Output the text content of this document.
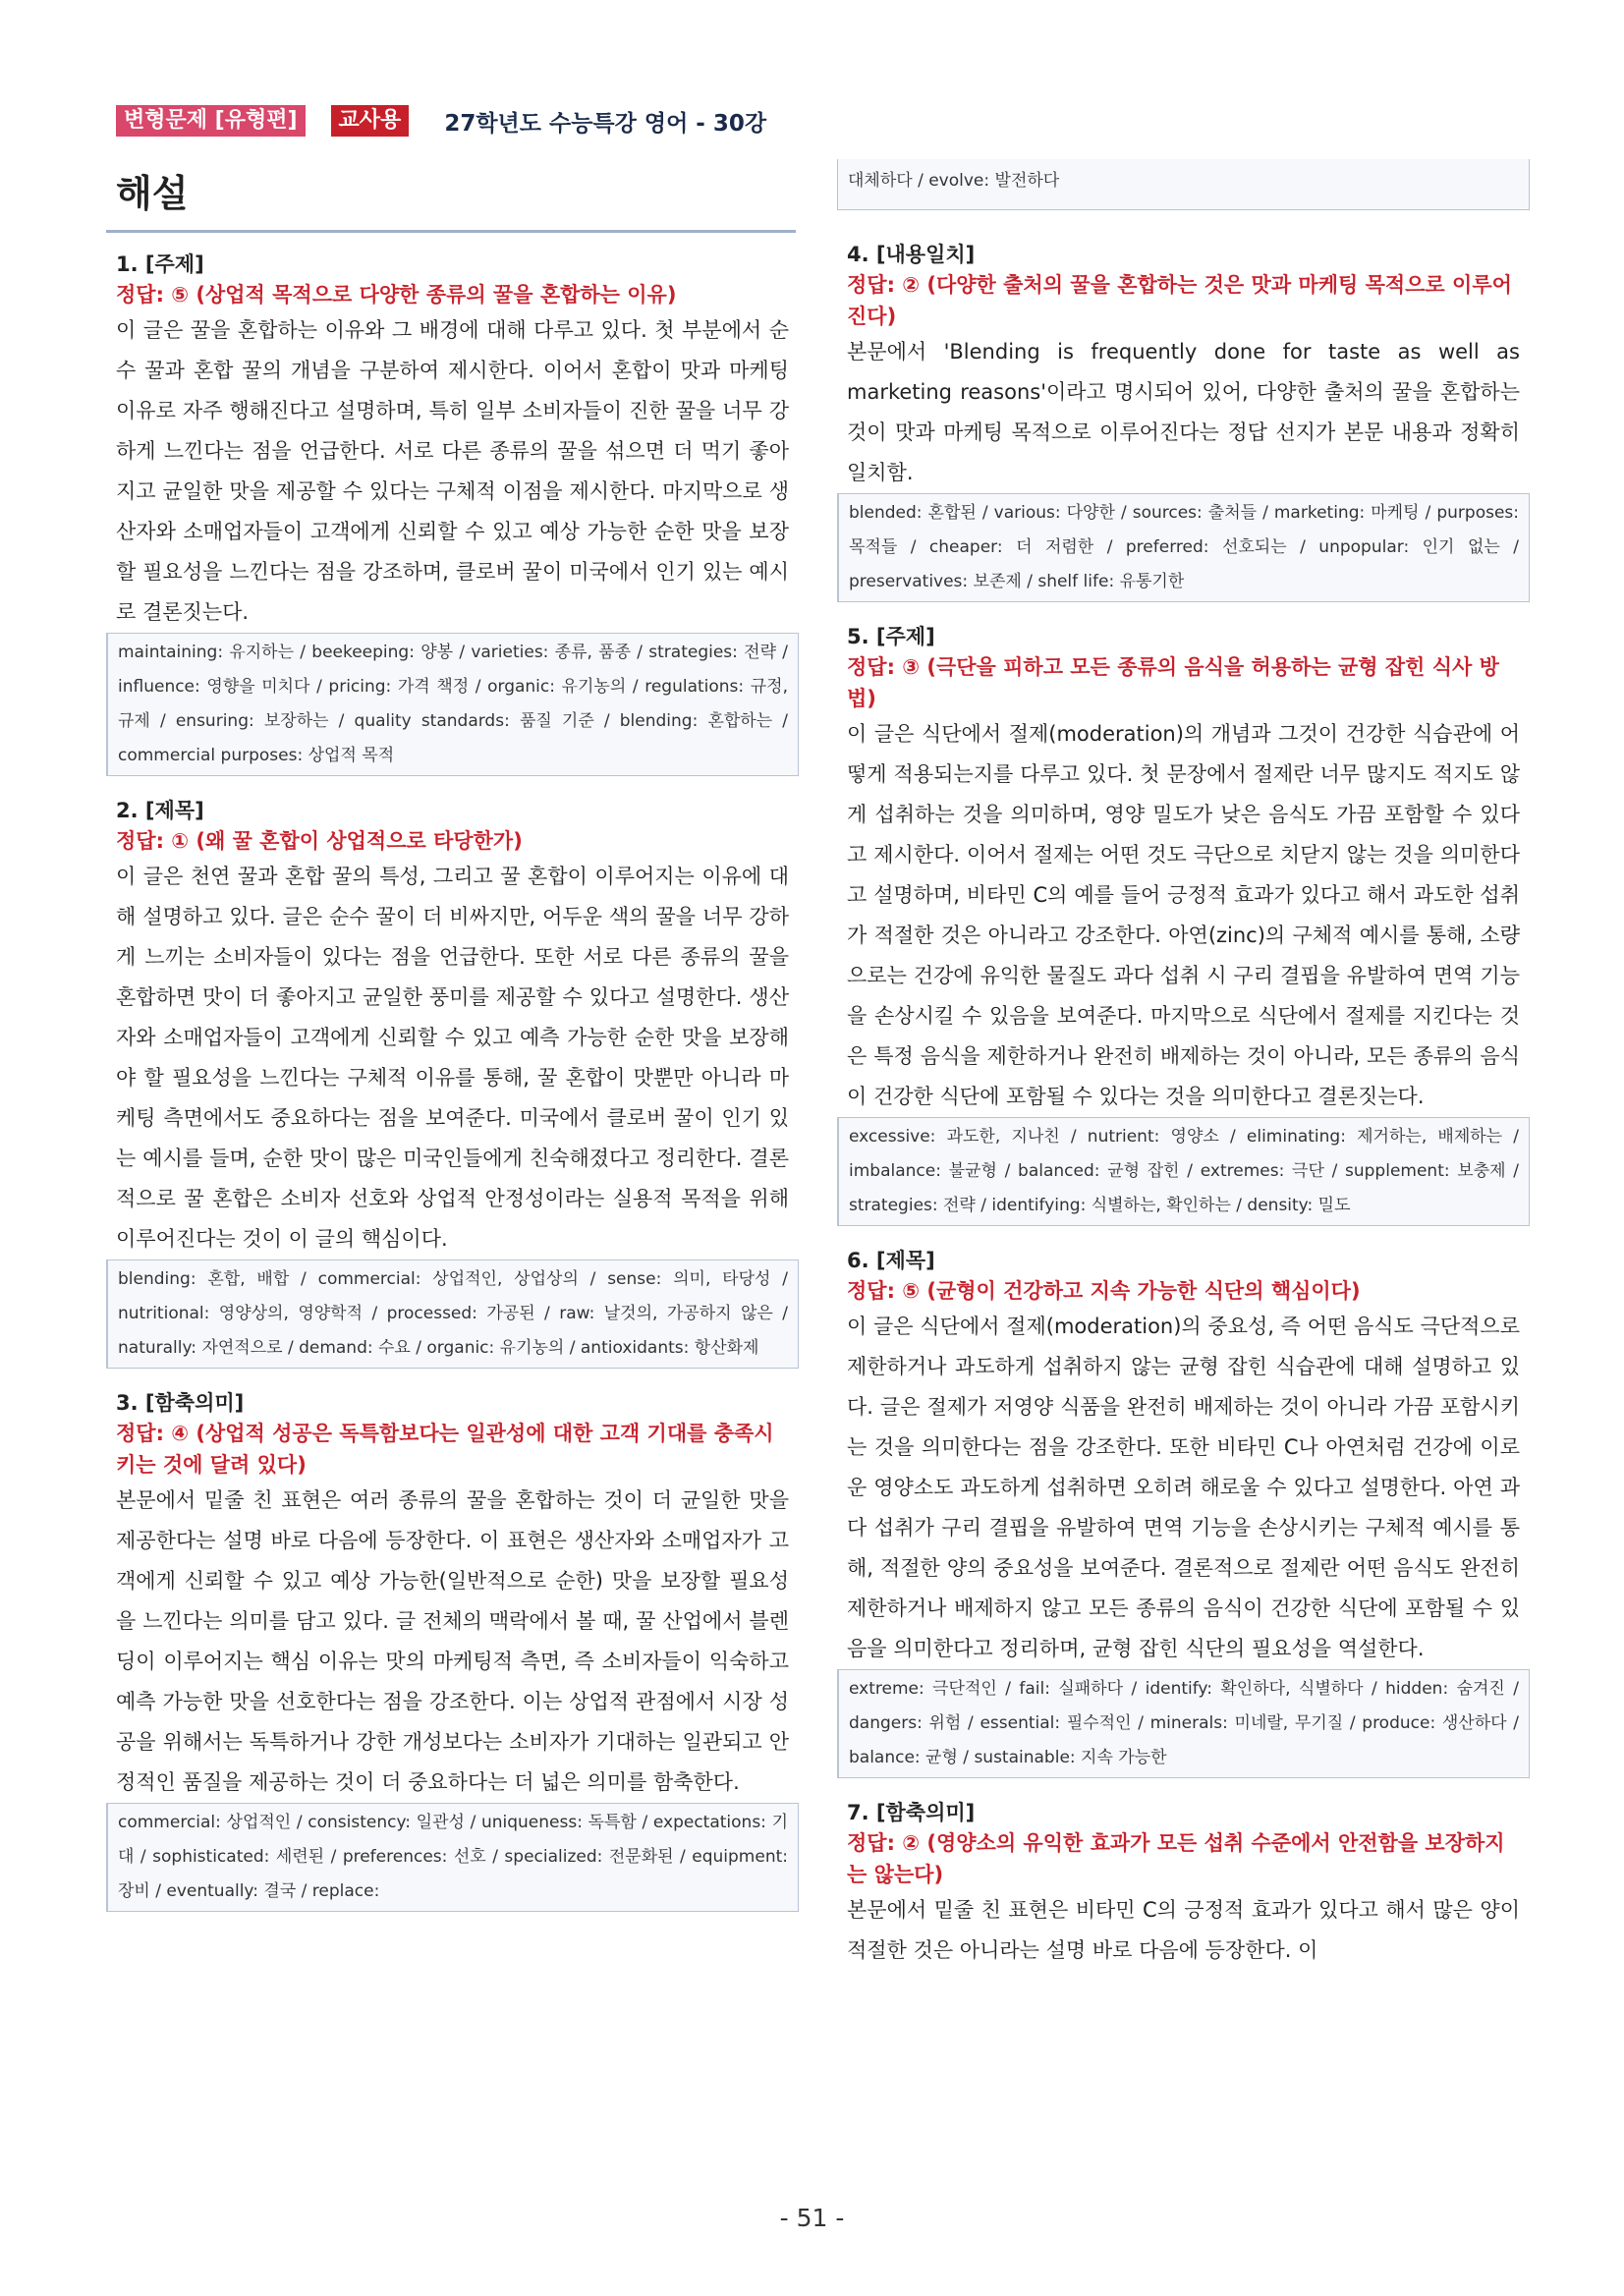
변형문제 [유형편]	교사용	27학년도 수능특강 영어 - 30강
해설	대체하다 / evolve: 발전하다
1. [주제]
정답: ⑤ (상업적 목적으로 다양한 종류의 꿀을 혼합하는 이유)

이 글은 꿀을 혼합하는 이유와 그 배경에 대해 다루고 있다. 첫 부분에서 순수 꿀과 혼합 꿀의 개념을 구분하여 제시한다. 이어서 혼합이 맛과 마케팅 이유로 자주 행해진다고 설명하며, 특히 일부 소비자들이 진한 꿀을 너무 강하게 느낀다는 점을 언급한다. 서로 다른 종류의 꿀을 섞으면 더 먹기 좋아지고 균일한 맛을 제공할 수 있다는 구체적 이점을 제시한다. 마지막으로 생산자와 소매업자들이 고객에게 신뢰할 수 있고 예상 가능한 순한 맛을 보장할 필요성을 느낀다는 점을 강조하며, 클로버 꿀이 미국에서 인기 있는 예시로 결론짓는다.

maintaining: 유지하는 / beekeeping: 양봉 / varieties: 종류, 품종 / strategies: 전략 / influence: 영향을 미치다 / pricing: 가격 책정 / organic: 유기농의 / regulations: 규정, 규제 / ensuring: 보장하는 / quality standards: 품질 기준 / blending: 혼합하는 / commercial purposes: 상업적 목적
2. [제목]
정답: ① (왜 꿀 혼합이 상업적으로 타당한가)

이 글은 천연 꿀과 혼합 꿀의 특성, 그리고 꿀 혼합이 이루어지는 이유에 대해 설명하고 있다. 글은 순수 꿀이 더 비싸지만, 어두운 색의 꿀을 너무 강하게 느끼는 소비자들이 있다는 점을 언급한다. 또한 서로 다른 종류의 꿀을 혼합하면 맛이 더 좋아지고 균일한 풍미를 제공할 수 있다고 설명한다. 생산자와 소매업자들이 고객에게 신뢰할 수 있고 예측 가능한 순한 맛을 보장해야 할 필요성을 느낀다는 구체적 이유를 통해, 꿀 혼합이 맛뿐만 아니라 마케팅 측면에서도 중요하다는 점을 보여준다. 미국에서 클로버 꿀이 인기 있는 예시를 들며, 순한 맛이 많은 미국인들에게 친숙해졌다고 정리한다. 결론적으로 꿀 혼합은 소비자 선호와 상업적 안정성이라는 실용적 목적을 위해 이루어진다는 것이 이 글의 핵심이다.

blending: 혼합, 배합 / commercial: 상업적인, 상업상의 / sense: 의미, 타당성 / nutritional: 영양상의, 영양학적 / processed: 가공된 / raw: 날것의, 가공하지 않은 / naturally: 자연적으로 / demand: 수요 / organic: 유기농의 / antioxidants: 항산화제
3. [함축의미]
정답: ④ (상업적 성공은 독특함보다는 일관성에 대한 고객 기대를 충족시키는 것에 달려 있다)

본문에서 밑줄 친 표현은 여러 종류의 꿀을 혼합하는 것이 더 균일한 맛을 제공한다는 설명 바로 다음에 등장한다. 이 표현은 생산자와 소매업자가 고객에게 신뢰할 수 있고 예상 가능한(일반적으로 순한) 맛을 보장할 필요성을 느낀다는 의미를 담고 있다. 글 전체의 맥락에서 볼 때, 꿀 산업에서 블렌딩이 이루어지는 핵심 이유는 맛의 마케팅적 측면, 즉 소비자들이 익숙하고 예측 가능한 맛을 선호한다는 점을 강조한다. 이는 상업적 관점에서 시장 성공을 위해서는 독특하거나 강한 개성보다는 소비자가 기대하는 일관되고 안정적인 품질을 제공하는 것이 더 중요하다는 더 넓은 의미를 함축한다.

commercial: 상업적인 / consistency: 일관성 / uniqueness: 독특함 / expectations: 기대 / sophisticated: 세련된 / preferences: 선호 / specialized: 전문화된 / equipment: 장비 / eventually: 결국 / replace:
4. [내용일치]
정답: ② (다양한 출처의 꿀을 혼합하는 것은 맛과 마케팅 목적으로 이루어진다)

본문에서 'Blending is frequently done for taste as well as marketing reasons'이라고 명시되어 있어, 다양한 출처의 꿀을 혼합하는 것이 맛과 마케팅 목적으로 이루어진다는 정답 선지가 본문 내용과 정확히 일치함.

blended: 혼합된 / various: 다양한 / sources: 출처들 / marketing: 마케팅 / purposes: 목적들 / cheaper: 더 저렴한 / preferred: 선호되는 / unpopular: 인기 없는 / preservatives: 보존제 / shelf life: 유통기한
5. [주제]
정답: ③ (극단을 피하고 모든 종류의 음식을 허용하는 균형 잡힌 식사 방법)

이 글은 식단에서 절제(moderation)의 개념과 그것이 건강한 식습관에 어떻게 적용되는지를 다루고 있다. 첫 문장에서 절제란 너무 많지도 적지도 않게 섭취하는 것을 의미하며, 영양 밀도가 낮은 음식도 가끔 포함할 수 있다고 제시한다. 이어서 절제는 어떤 것도 극단으로 치닫지 않는 것을 의미한다고 설명하며, 비타민 C의 예를 들어 긍정적 효과가 있다고 해서 과도한 섭취가 적절한 것은 아니라고 강조한다. 아연(zinc)의 구체적 예시를 통해, 소량으로는 건강에 유익한 물질도 과다 섭취 시 구리 결핍을 유발하여 면역 기능을 손상시킬 수 있음을 보여준다. 마지막으로 식단에서 절제를 지킨다는 것은 특정 음식을 제한하거나 완전히 배제하는 것이 아니라, 모든 종류의 음식이 건강한 식단에 포함될 수 있다는 것을 의미한다고 결론짓는다.

excessive: 과도한, 지나친 / nutrient: 영양소 / eliminating: 제거하는, 배제하는 / imbalance: 불균형 / balanced: 균형 잡힌 / extremes: 극단 / supplement: 보충제 / strategies: 전략 / identifying: 식별하는, 확인하는 / density: 밀도
6. [제목]
정답: ⑤ (균형이 건강하고 지속 가능한 식단의 핵심이다)

이 글은 식단에서 절제(moderation)의 중요성, 즉 어떤 음식도 극단적으로 제한하거나 과도하게 섭취하지 않는 균형 잡힌 식습관에 대해 설명하고 있다. 글은 절제가 저영양 식품을 완전히 배제하는 것이 아니라 가끔 포함시키는 것을 의미한다는 점을 강조한다. 또한 비타민 C나 아연처럼 건강에 이로운 영양소도 과도하게 섭취하면 오히려 해로울 수 있다고 설명한다. 아연 과다 섭취가 구리 결핍을 유발하여 면역 기능을 손상시키는 구체적 예시를 통해, 적절한 양의 중요성을 보여준다. 결론적으로 절제란 어떤 음식도 완전히 제한하거나 배제하지 않고 모든 종류의 음식이 건강한 식단에 포함될 수 있음을 의미한다고 정리하며, 균형 잡힌 식단의 필요성을 역설한다.

extreme: 극단적인 / fail: 실패하다 / identify: 확인하다, 식별하다 / hidden: 숨겨진 / dangers: 위험 / essential: 필수적인 / minerals: 미네랄, 무기질 / produce: 생산하다 / balance: 균형 / sustainable: 지속 가능한
7. [함축의미]
정답: ② (영양소의 유익한 효과가 모든 섭취 수준에서 안전함을 보장하지는 않는다)

본문에서 밑줄 친 표현은 비타민 C의 긍정적 효과가 있다고 해서 많은 양이 적절한 것은 아니라는 설명 바로 다음에 등장한다. 이

- 51 -
